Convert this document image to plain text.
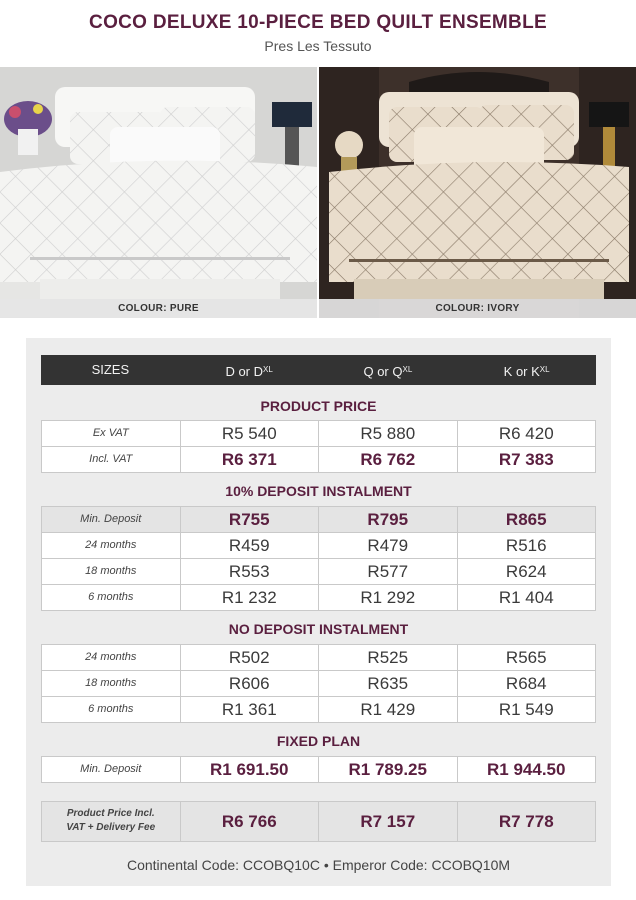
COCO DELUXE 10-PIECE BED QUILT ENSEMBLE
Pres Les Tessuto
COLOUR: PURE	COLOUR: IVORY
SIZES	D or $D^{XL}$	Q or $Q^{XL}$	K or $K^{XL}$
PRODUCT PRICE
Ex VAT	R5 540	R5 880	R6 420
Incl. VAT	R6 371	R6 762	R7 383
10% DEPOSIT INSTALMENT
Min. Deposit	R755	R795	R865
24 months	R459	R479	R516
18 months	R553	R577	R624
6 months	R1 232	R1 292	R1 404
NO DEPOSIT INSTALMENT
24 months	R502	R525	R565
18 months	R606	R635	R684
6 months	R1 361	R1 429	R1 549
FIXED PLAN
Min. Deposit	R1 691.50	R1 789.25	R1 944.50
Product Price Incl.
VAT + Delivery Fee	R6 766	R7 157	R7 778
Continental Code: CCOBQ10C • Emperor Code: CCOBQ10M
